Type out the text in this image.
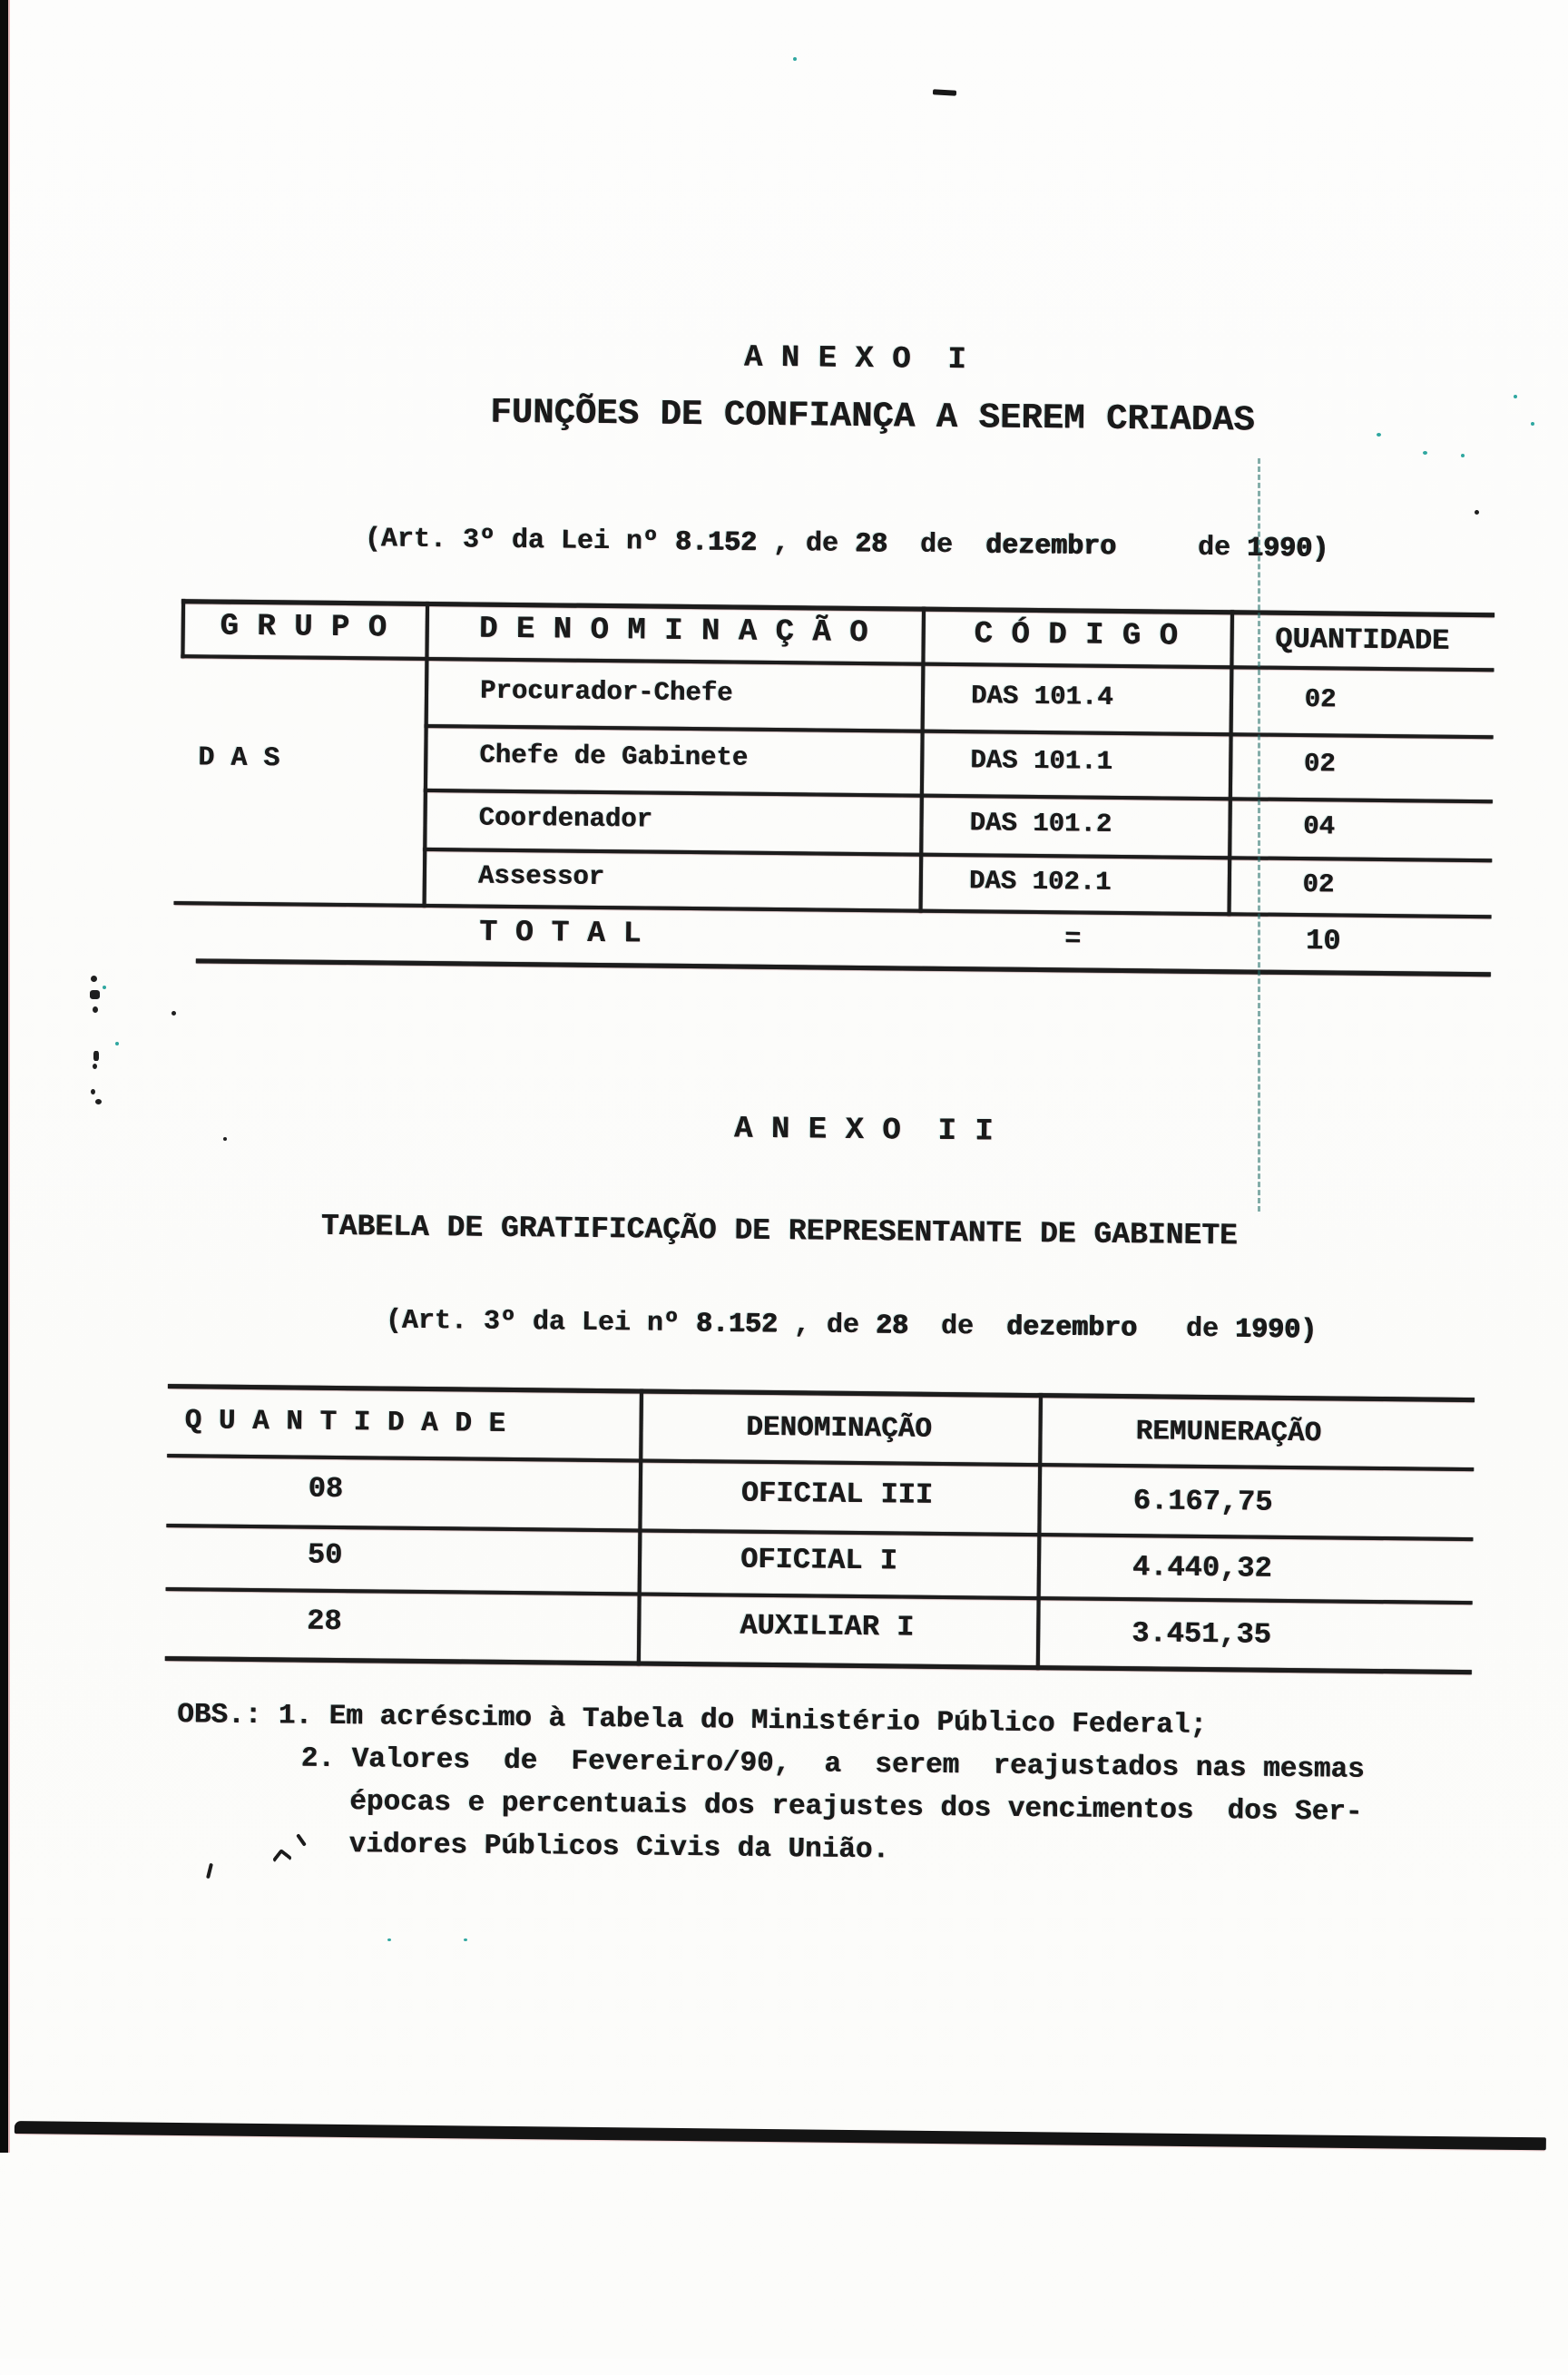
A N E X O  I
FUNÇÕES DE CONFIANÇA A SEREM CRIADAS

(Art. 3º da Lei nº 8.152 , de 28  de  dezembro     de 1990)

G R U P O	D E N O M I N A Ç Ã O	C Ó D I G O	QUANTIDADE
D A S
Procurador-Chefe	DAS 101.4	02
Chefe de Gabinete	DAS 101.1	02
Coordenador	DAS 101.2	04
Assessor	DAS 102.1	02
T O T A L	=	10
A N E X O  I I
TABELA DE GRATIFICAÇÃO DE REPRESENTANTE DE GABINETE

(Art. 3º da Lei nº 8.152 , de 28  de  dezembro   de 1990)

Q U A N T I D A D E	DENOMINAÇÃO	REMUNERAÇÃO
08	OFICIAL III	6.167,75
50	OFICIAL I	4.440,32
28	AUXILIAR I	3.451,35
OBS.: 1. Em acréscimo à Tabela do Ministério Público Federal;
2. Valores  de  Fevereiro/90,  a  serem  reajustados nas mesmas
épocas e percentuais dos reajustes dos vencimentos  dos Ser-
vidores Públicos Civis da União.
